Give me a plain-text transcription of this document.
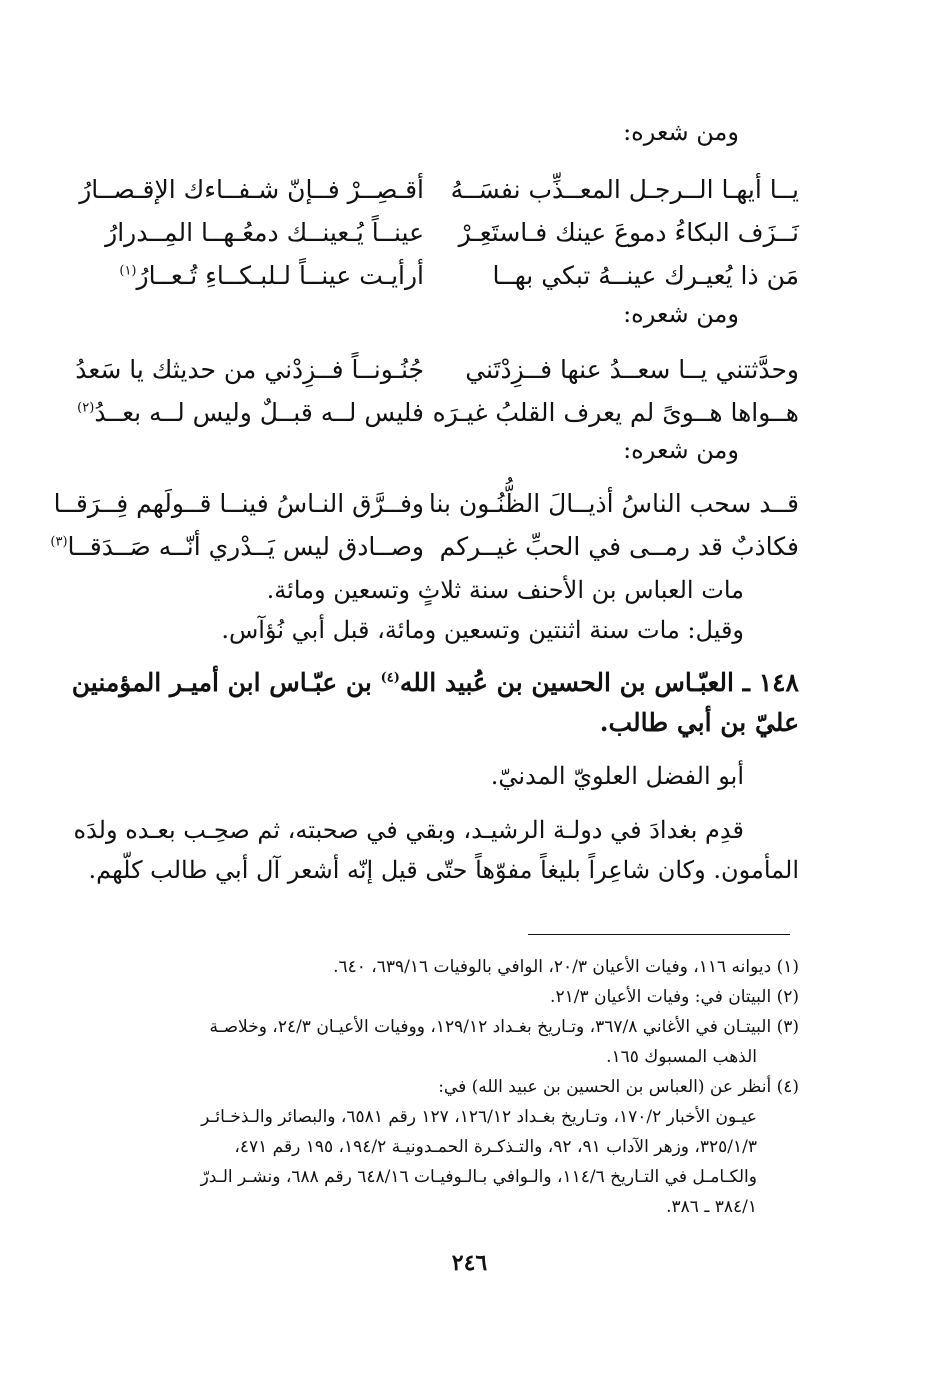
ومن شعره:
يــا أيهـا الــرجـل المعــذِّب نفسَــهُ
أقـصِــرْ فــإنّ شـفــاءك الإقـصــارُ
نَــزَف البكاءُ دموعَ عينك فـاستَعِـرْ
عينــاً يُـعينــك دمعُـهــا المِــدرارُ
مَن ذا يُعيـرك عينــهُ تبكي بهــا
أرأيـت عينــاً لـلبـكــاءِ تُـعــارُ$^{(١)}$
ومن شعره:
وحدَّثتني يــا سعــدُ عنها فــزِدْتَني
جُنُـونــاً فــزِدْني من حديثك يا سَعدُ
هــواها هــوىً لم يعرف القلبُ غيـرَه
فليس لــه قبــلٌ وليس لــه بعــدُ$^{(٢)}$
ومن شعره:
قــد سحب الناسُ أذيــالَ الظُّنُـون بنا
وفــرَّق النـاسُ فينــا قــولَهم فِــرَقــا
فكاذبٌ قد رمــى في الحبِّ غيــركم
وصــادق ليس يَــدْري أنّــه صَــدَقــا$^{(٣)}$
مات العباس بن الأحنف سنة ثلاثٍ وتسعين ومائة.
وقيل: مات سنة اثنتين وتسعين ومائة، قبل أبي نُؤآس.
١٤٨ ـ العبّـاس بن الحسين بن عُبيد الله$^{(٤)}$ بن عبّـاس ابن أميـر المؤمنين
عليّ بن أبي طالب.
أبو الفضل العلويّ المدنيّ.
قدِم بغدادَ في دولـة الرشيـد، وبقي في صحبته، ثم صحِـب بعـده ولدَه
المأمون. وكان شاعِراً بليغاً مفوّهاً حتّى قيل إنّه أشعر آل أبي طالب كلّهم.
(١) ديوانه ١١٦، وفيات الأعيان ٢٠/٣، الوافي بالوفيات ٦٣٩/١٦، ٦٤٠.
(٢) البيتان في: وفيات الأعيان ٢١/٣.
(٣) البيتـان في الأغاني ٣٦٧/٨، وتـاريخ بغـداد ١٢٩/١٢، ووفيات الأعيـان ٢٤/٣، وخلاصـة
الذهب المسبوك ١٦٥.
(٤) أنظر عن (العباس بن الحسين بن عبيد الله) في:
عيـون الأخبار ١٧٠/٢، وتـاريخ بغـداد ١٢٦/١٢، ١٢٧ رقم ٦٥٨١، والبصائر والـذخـائـر
٣٢٥/١/٣، وزهر الآداب ٩١، ٩٢، والتـذكـرة الحمـدونيـة ١٩٤/٢، ١٩٥ رقم ٤٧١،
والكـامـل في التـاريخ ١١٤/٦، والـوافي بـالـوفيـات ٦٤٨/١٦ رقم ٦٨٨، ونشـر الـدرّ
٣٨٤/١ ـ ٣٨٦.
٢٤٦
